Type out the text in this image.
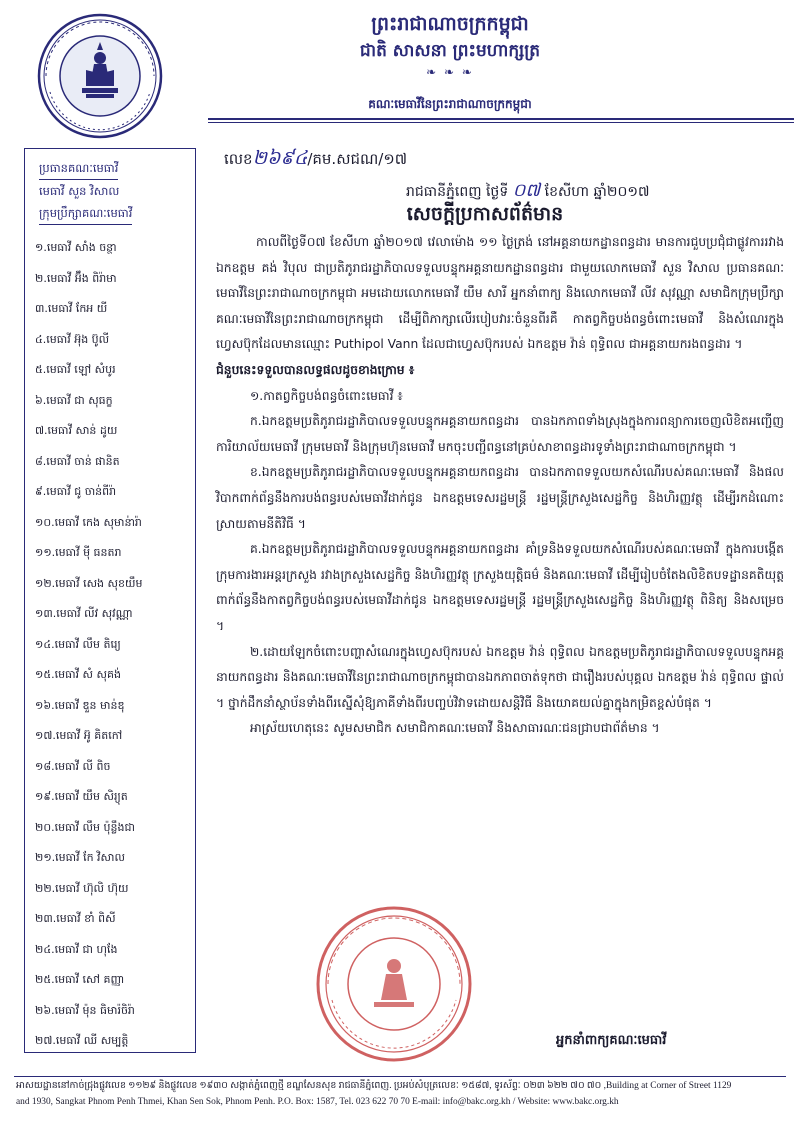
ព្រះរាជាណាចក្រកម្ពុជា
ជាតិ សាសនា ព្រះមហាក្សត្រ
❧ ❧ ❧
គណៈមេធាវីនៃព្រះរាជាណាចក្រកម្ពុជា
ប្រធានគណៈមេធាវី
មេធាវី សួន វិសាល
ក្រុមប្រឹក្សាគណៈមេធាវី
១.មេធាវី សាំង ចន្ថា
២.មេធាវី អ៊ឹង ពិរ៉ាមា
៣.មេធាវី កែអ យី
៤.មេធាវី អ៊ុង ប៊ូលី
៥.មេធាវី ឡៅ សំបូរ
៦.មេធាវី ជា សុធក្ខ
៧.មេធាវី សាន់ ដូយ
៨.មេធាវី ចាន់ ផានិត
៩.មេធាវី ជូ ចាន់ពីរ៉ា
១០.មេធាវី កេង សុមាន់ារ៉ា
១១.មេធាវី ម៉ី ធនតរា
១២.មេធាវី សេង សុខយឹម
១៣.មេធាវី លីវ សុវណ្ណា
១៤.មេធាវី លឹម តិរ្យេ
១៥.មេធាវី សំ សុគង់
១៦.មេធាវី ឌួន មាន់ឌុ
១៧.មេធាវី អ៊ូ គិតកៅ
១៨.មេធាវី លី ពិច
១៩.មេធាវី យឹម សិរ្យុត
២០.មេធាវី លឹម ប៉ុន្លឹងជា
២១.មេធាវី កែ វិសាល
២២.មេធាវី ហ៊ុលិ ហ៊ុយ
២៣.មេធាវី ខាំ ពិសី
២៤.មេធាវី ជា ហុងែ
២៥.មេធាវី សៅ គញ្ញា
២៦.មេធាវី ម៉ុន ធិមារ៉ចិរ៉ា
២៧.មេធាវី ឈី សម្បត្តិ
លេខ២៦៩៤/គម.សជណ/១៧
រាជធានីភ្នំពេញ ថ្ងៃទី ០៧ ខែសីហា ឆ្នាំ២០១៧
សេចក្តីប្រកាសព័ត៌មាន

កាលពីថ្ងៃទី០៧ ខែសីហា ឆ្នាំ២០១៧ វេលាម៉ោង ១១ ថ្ងៃត្រង់ នៅអគ្គនាយកដ្ឋានពន្ធដារ មានការជួបប្រជុំជាផ្លូវការរវាង ឯកឧត្តម គង់ វិបុល ជាប្រតិភូរាជរដ្ឋាភិបាលទទួលបន្ទុកអគ្គនាយកដ្ឋានពន្ធដារ ជាមួយលោកមេធាវី សួន វិសាល ប្រធានគណៈមេធាវីនៃព្រះរាជាណាចក្រកម្ពុជា អមដោយលោកមេធាវី យឹម សារី អ្នកនាំពាក្យ និងលោកមេធាវី លីវ សុវណ្ណា សមាជិកក្រុមប្រឹក្សាគណៈមេធាវីនៃព្រះរាជាណាចក្រកម្ពុជា ដើម្បីពិភាក្សាលើរបៀបវារៈចំនួនពីរគឺ កាតព្វកិច្ចបង់ពន្ធចំពោះមេធាវី និងសំណេរក្នុងហ្វេសប៊ុកដែលមានឈ្មោះ Puthipol Vann ដែលជាហ្វេសប៊ុករបស់ ឯកឧត្តម វ៉ាន់ ពុទ្ធិពល ជាអគ្គនាយករងពន្ធដារ ។

ជំនួបនេះទទួលបានលទ្ធផលដូចខាងក្រោម ៖

១.កាតព្វកិច្ចបង់ពន្ធចំពោះមេធាវី ៖

ក.ឯកឧត្តមប្រតិភូរាជរដ្ឋាភិបាលទទួលបន្ទុកអគ្គនាយកពន្ធដារ បានឯកភាពទាំងស្រុងក្នុងការពន្យាការចេញលិខិតអញ្ជើញការិយាល័យមេធាវី ក្រុមមេធាវី និងក្រុមហ៊ុនមេធាវី មកចុះបញ្ជីពន្ធនៅគ្រប់សាខាពន្ធដារទូទាំងព្រះរាជាណាចក្រកម្ពុជា ។

ខ.ឯកឧត្តមប្រតិភូរាជរដ្ឋាភិបាលទទួលបន្ទុកអគ្គនាយកពន្ធដារ បានឯកភាពទទួលយកសំណើរបស់គណៈមេធាវី និងផលវិបាកពាក់ព័ន្ធនឹងការបង់ពន្ធរបស់មេធាវីដាក់ជូន ឯកឧត្តមទេសរដ្ឋមន្ត្រី រដ្ឋមន្ត្រីក្រសួងសេដ្ឋកិច្ច និងហិរញ្ញវត្ថុ ដើម្បីរកដំណោះស្រាយតាមនីតិវិធី ។

គ.ឯកឧត្តមប្រតិភូរាជរដ្ឋាភិបាលទទួលបន្ទុកអគ្គនាយកពន្ធដារ គាំទ្រនិងទទួលយកសំណើរបស់គណៈមេធាវី ក្នុងការបង្កើតក្រុមការងារអន្តរក្រសួង រវាងក្រសួងសេដ្ឋកិច្ច និងហិរញ្ញវត្ថុ ក្រសួងយុត្តិធម៌ និងគណៈមេធាវី ដើម្បីរៀបចំតែងលិខិតបទដ្ឋានគតិយុត្តពាក់ព័ន្ធនឹងកាតព្វកិច្ចបង់ពន្ធរបស់មេធាវីដាក់ជូន ឯកឧត្តមទេសរដ្ឋមន្ត្រី រដ្ឋមន្ត្រីក្រសួងសេដ្ឋកិច្ច និងហិរញ្ញវត្ថុ ពិនិត្យ និងសម្រេច ។

២.ដោយឡែកចំពោះបញ្ហាសំណេរក្នុងហ្វេសប៊ុករបស់ ឯកឧត្តម វ៉ាន់ ពុទ្ធិពល ឯកឧត្តមប្រតិភូរាជរដ្ឋាភិបាលទទួលបន្ទុកអគ្គនាយកពន្ធដារ និងគណៈមេធាវីនៃព្រះរាជាណាចក្រកម្ពុជាបានឯកភាពចាត់ទុកថា ជារឿងរបស់បុគ្គល ឯកឧត្តម វ៉ាន់ ពុទ្ធិពល ផ្ទាល់ ។ ថ្នាក់ដឹកនាំស្ថាប័នទាំងពីរស្នើសុំឱ្យភាគីទាំងពីរបញ្ចប់វិវាទដោយសន្តិវិធី និងយោគយល់គ្នាក្នុងកម្រិតខ្ពស់បំផុត ។

អាស្រ័យហេតុនេះ សូមសមាជិក សមាជិកាគណៈមេធាវី និងសាធារណៈជនជ្រាបជាព័ត៌មាន ។

អ្នកនាំពាក្យគណៈមេធាវី
អាសយដ្ឋាននៅកាច់ជ្រុងផ្លូវលេខ ១១២៩ និងផ្លូវលេខ ១៩៣០ សង្កាត់ភ្នំពេញថ្មី ខណ្ឌសែនសុខ រាជធានីភ្នំពេញ. ប្រអប់សំបុត្រលេខៈ ១៥៨៧, ទូរស័ព្ទៈ ០២៣ ៦២២ ៧០ ៧០ ,Building at Corner of Street 1129
and 1930, Sangkat Phnom Penh Thmei, Khan Sen Sok, Phnom Penh. P.O. Box: 1587, Tel. 023 622 70 70 E-mail: info@bakc.org.kh / Website: www.bakc.org.kh
